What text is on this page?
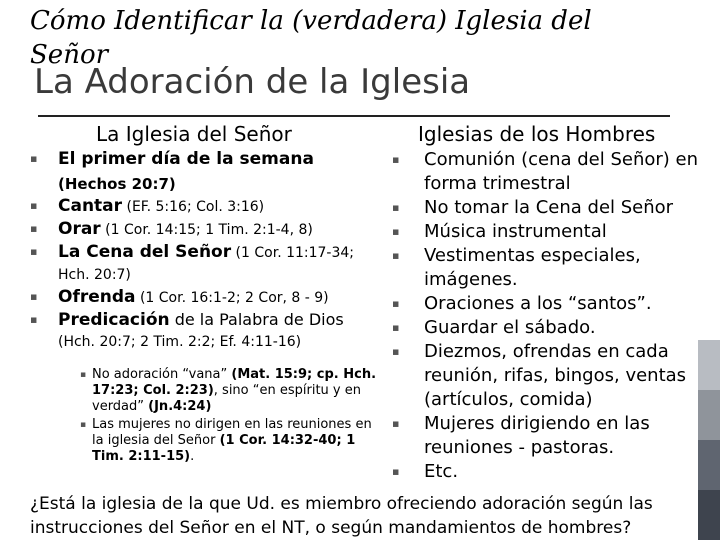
Cómo Identificar la (verdadera) Iglesia del Señor
La Adoración de la Iglesia
La Iglesia del Señor	Iglesias de los Hombres
▪ El primer día de la semana
(Hechos 20:7)
▪ Cantar (EF. 5:16; Col. 3:16)
▪ Orar (1 Cor. 14:15; 1 Tim. 2:1-4, 8)
▪ La Cena del Señor (1 Cor. 11:17-34;
Hch. 20:7)
▪ Ofrenda (1 Cor. 16:1-2; 2 Cor, 8 - 9)
▪ Predicación de la Palabra de Dios
(Hch. 20:7; 2 Tim. 2:2; Ef. 4:11-16)
▪ No adoración “vana” (Mat. 15:9; cp. Hch. 17:23; Col. 2:23), sino “en espíritu y en verdad” (Jn.4:24)
▪ Las mujeres no dirigen en las reuniones en la iglesia del Señor (1 Cor. 14:32-40; 1 Tim. 2:11-15).
▪ Comunión (cena del Señor) en forma trimestral
▪ No tomar la Cena del Señor
▪ Música instrumental
▪ Vestimentas especiales, imágenes.
▪ Oraciones a los “santos”.
▪ Guardar el sábado.
▪ Diezmos, ofrendas en cada reunión, rifas, bingos, ventas (artículos, comida)
▪ Mujeres dirigiendo en las reuniones - pastoras.
▪ Etc.
¿Está la iglesia de la que Ud. es miembro ofreciendo adoración según las instrucciones del Señor en el NT, o según mandamientos de hombres?
